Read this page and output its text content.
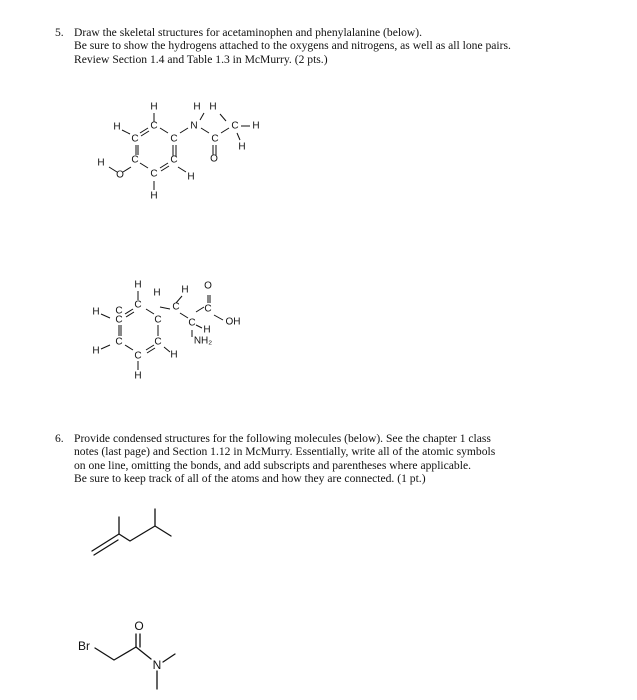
5. Draw the skeletal structures for acetaminophen and phenylalanine (below).
Be sure to show the hydrogens attached to the oxygens and nitrogens, as well as all lone pairs.
Review Section 1.4 and Table 1.3 in McMurry. (2 pts.)
6. Provide condensed structures for the following molecules (below). See the chapter 1 class
notes (last page) and Section 1.12 in McMurry. Essentially, write all of the atomic symbols
on one line, omitting the bonds, and add subscripts and parentheses where applicable.
Be sure to keep track of all of the atoms and how they are connected. (1 pt.)
H	H H
H	C	N	C H
C	C	C
H
O
H
O
C	C
C	H
H
H
H H O
H C
C	C C
C	C	C
H
OH
NH₂
C	C
H	C	H
H
Br
O
N
